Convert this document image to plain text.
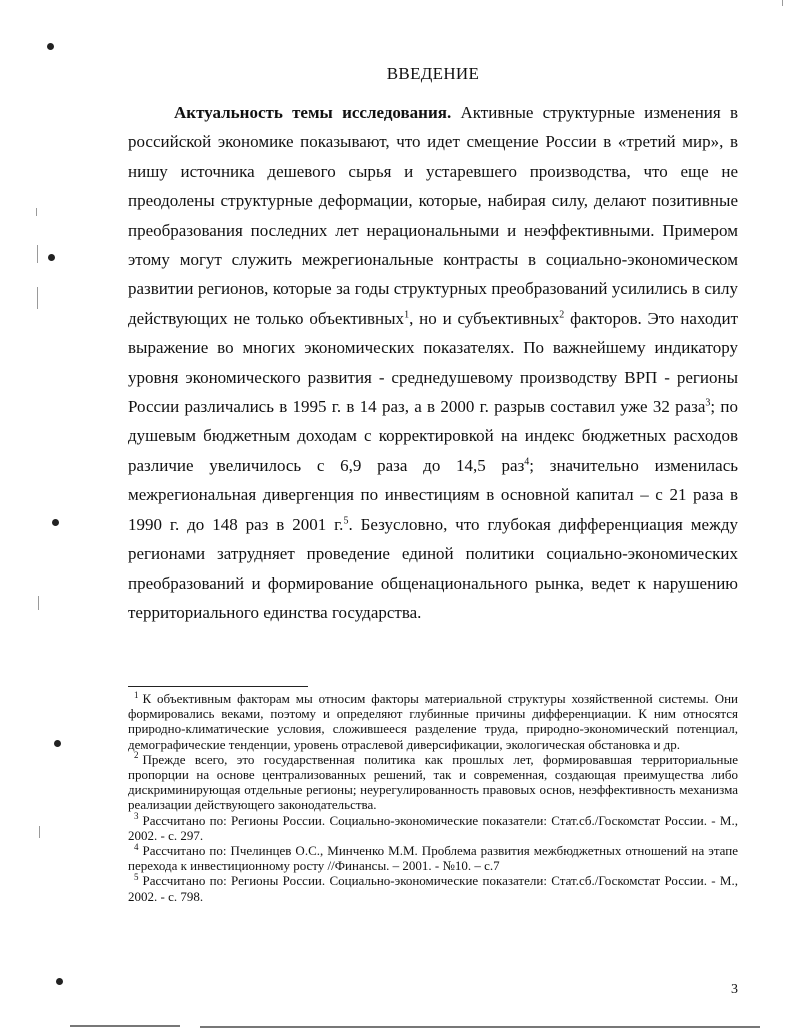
ВВЕДЕНИЕ

Актуальность темы исследования. Активные структурные изменения в российской экономике показывают, что идет смещение России в «третий мир», в нишу источника дешевого сырья и устаревшего производства, что еще не преодолены структурные деформации, которые, набирая силу, делают позитивные преобразования последних лет нерациональными и неэффективными. Примером этому могут служить межрегиональные контрасты в социально-экономическом развитии регионов, которые за годы структурных преобразований усилились в силу действующих не только объективных$^1$, но и субъективных$^2$ факторов. Это находит выражение во многих экономических показателях. По важнейшему индикатору уровня экономического развития - среднедушевому производству ВРП - регионы России различались в 1995 г. в 14 раз, а в 2000 г. разрыв составил уже 32 раза$^3$; по душевым бюджетным доходам с корректировкой на индекс бюджетных расходов различие увеличилось с 6,9 раза до 14,5 раз$^4$; значительно изменилась межрегиональная дивергенция по инвестициям в основной капитал – с 21 раза в 1990 г. до 148 раз в 2001 г.$^5$. Безусловно, что глубокая дифференциация между регионами затрудняет проведение единой политики социально-экономических преобразований и формирование общенационального рынка, ведет к нарушению территориального единства государства.

$^1$ К объективным факторам мы относим факторы материальной структуры хозяйственной системы. Они формировались веками, поэтому и определяют глубинные причины дифференциации. К ним относятся природно-климатические условия, сложившееся разделение труда, природно-экономический потенциал, демографические тенденции, уровень отраслевой диверсификации, экологическая обстановка и др.

$^2$ Прежде всего, это государственная политика как прошлых лет, формировавшая территориальные пропорции на основе централизованных решений, так и современная, создающая преимущества либо дискриминирующая отдельные регионы; неурегулированность правовых основ, неэффективность механизма реализации действующего законодательства.

$^3$ Рассчитано по: Регионы России. Социально-экономические показатели: Стат.сб./Госкомстат России. - М., 2002. - с. 297.

$^4$ Рассчитано по: Пчелинцев О.С., Минченко М.М. Проблема развития межбюджетных отношений на этапе перехода к инвестиционному росту //Финансы. – 2001. - №10. – с.7

$^5$ Рассчитано по: Регионы России. Социально-экономические показатели: Стат.сб./Госкомстат России. - М., 2002. - с. 798.

3
